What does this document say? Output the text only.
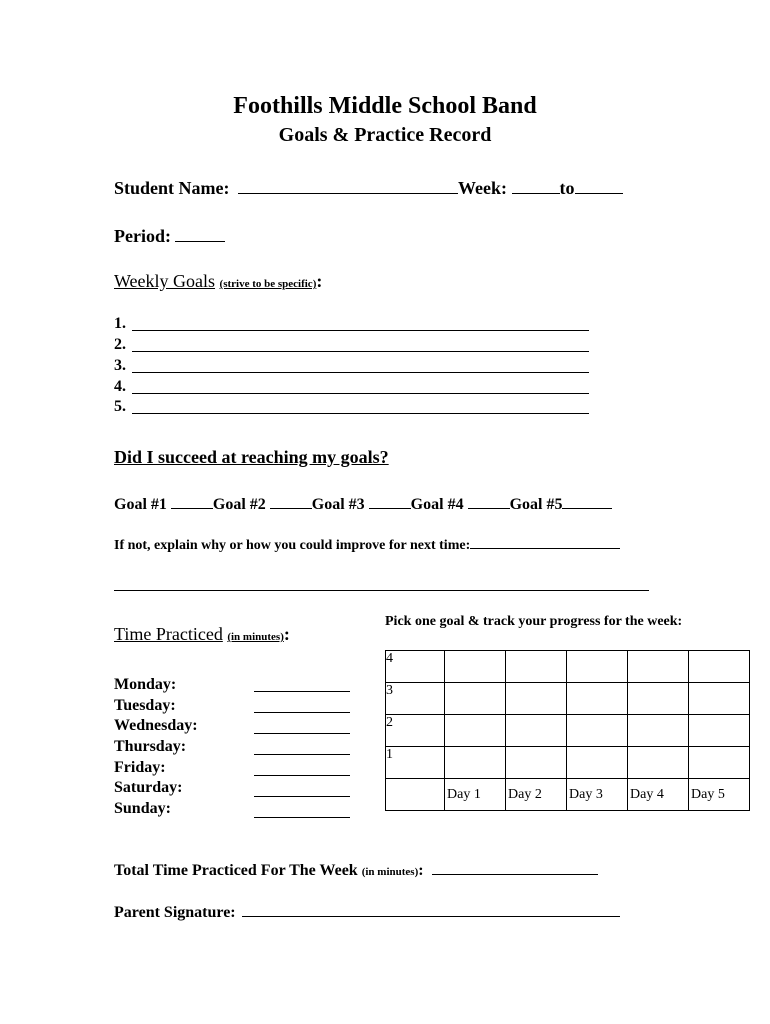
Foothills Middle School Band
Goals & Practice Record
Student Name:	Week:	to
Period:
Weekly Goals (strive to be specific):
1.
2.
3.
4.
5.
Did I succeed at reaching my goals?
Goal #1	Goal #2	Goal #3	Goal #4	Goal #5
If not, explain why or how you could improve for next time:
Pick one goal & track your progress for the week:
Time Practiced (in minutes):
Monday:
Tuesday:
Wednesday:
Thursday:
Friday:
Saturday:
Sunday:
4					
3					
2					
1					
	Day 1	Day 2	Day 3	Day 4	Day 5
Total Time Practiced For The Week (in minutes):
Parent Signature:
